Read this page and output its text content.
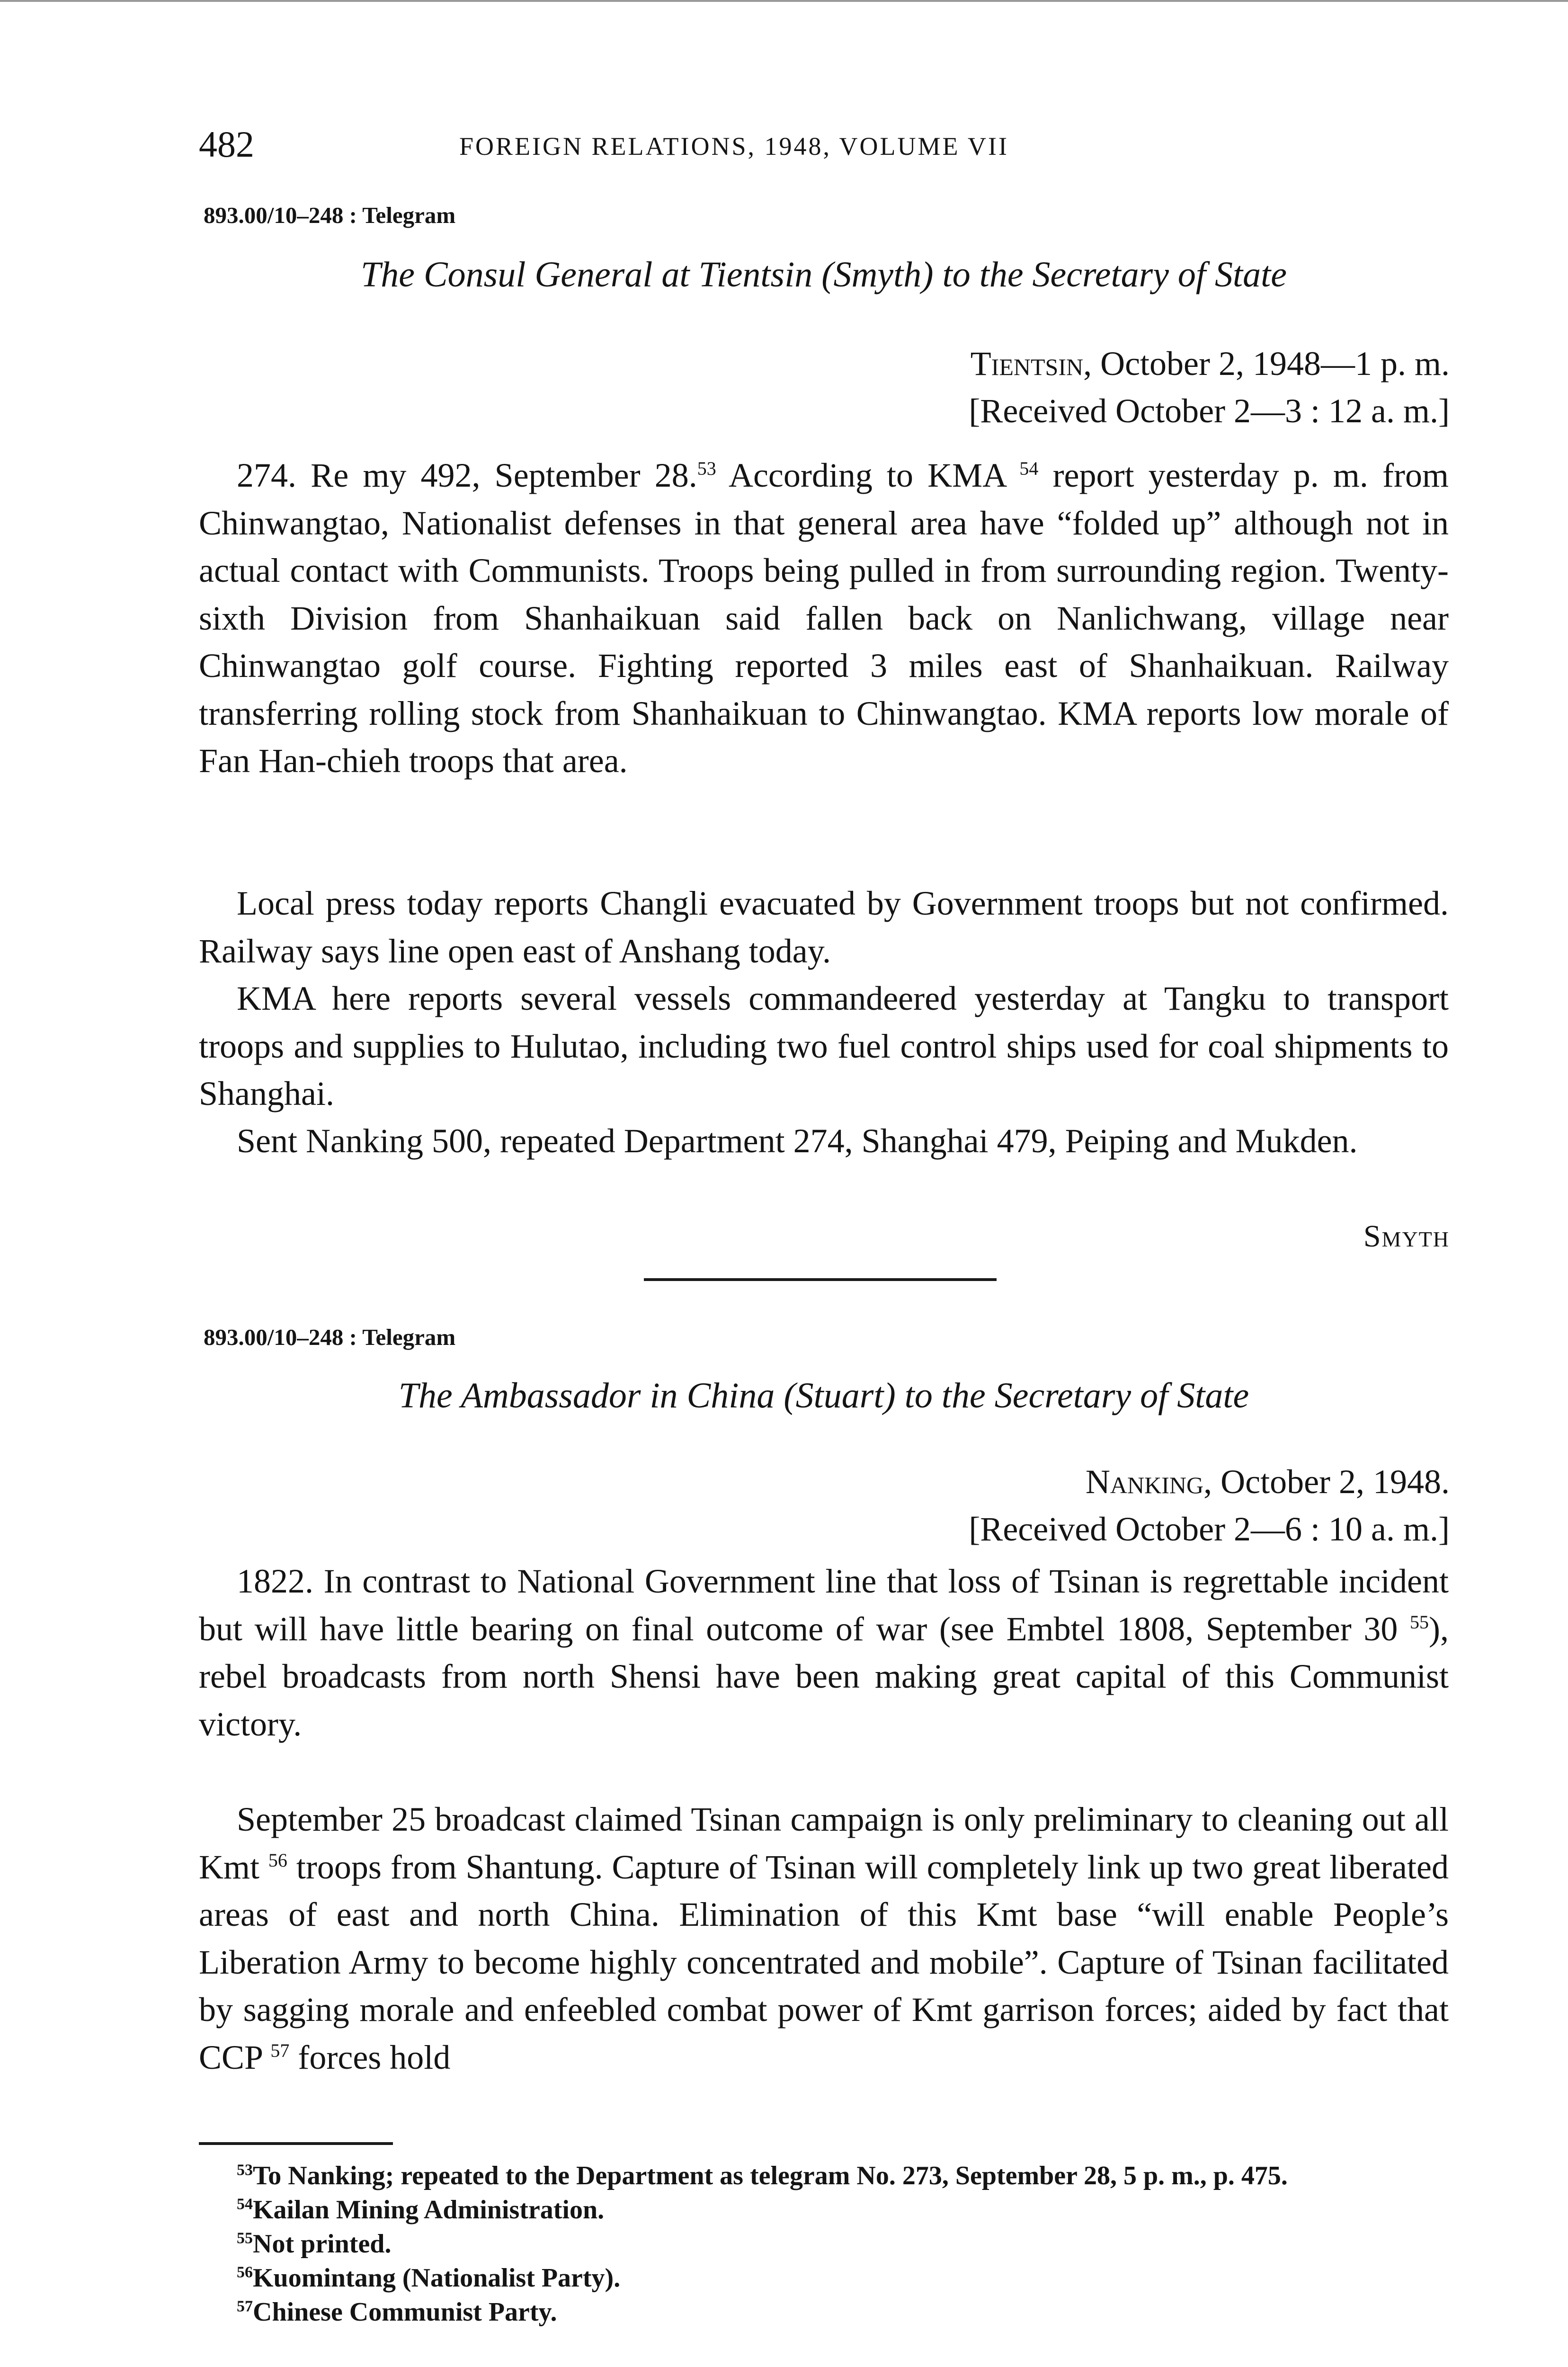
482	FOREIGN RELATIONS, 1948, VOLUME VII
893.00/10–248 : Telegram
The Consul General at Tientsin (Smyth) to the Secretary of State
Tientsin, October 2, 1948—1 p. m.
[Received October 2—3 : 12 a. m.]

274. Re my 492, September 28.53 According to KMA $^{54}$ report yesterday p. m. from Chinwangtao, Nationalist defenses in that general area have “folded up” although not in actual contact with Communists. Troops being pulled in from surrounding region. Twenty-sixth Division from Shanhaikuan said fallen back on Nanlichwang, village near Chinwangtao golf course. Fighting reported 3 miles east of Shanhaikuan. Railway transferring rolling stock from Shanhaikuan to Chinwangtao. KMA reports low morale of Fan Han-chieh troops that area.

Local press today reports Changli evacuated by Government troops but not confirmed. Railway says line open east of Anshang today.

KMA here reports several vessels commandeered yesterday at Tangku to transport troops and supplies to Hulutao, including two fuel control ships used for coal shipments to Shanghai.

Sent Nanking 500, repeated Department 274, Shanghai 479, Peiping and Mukden.

Smyth
893.00/10–248 : Telegram
The Ambassador in China (Stuart) to the Secretary of State
Nanking, October 2, 1948.
[Received October 2—6 : 10 a. m.]

1822. In contrast to National Government line that loss of Tsinan is regrettable incident but will have little bearing on final outcome of war (see Embtel 1808, September 30 $^{55}$), rebel broadcasts from north Shensi have been making great capital of this Communist victory.

September 25 broadcast claimed Tsinan campaign is only preliminary to cleaning out all Kmt $^{56}$ troops from Shantung. Capture of Tsinan will completely link up two great liberated areas of east and north China. Elimination of this Kmt base “will enable People’s Liberation Army to become highly concentrated and mobile”. Capture of Tsinan facilitated by sagging morale and enfeebled combat power of Kmt garrison forces; aided by fact that CCP $^{57}$ forces hold

$^{53}$To Nanking; repeated to the Department as telegram No. 273, September 28, 5 p. m., p. 475.

$^{54}$Kailan Mining Administration.

$^{55}$Not printed.

$^{56}$Kuomintang (Nationalist Party).

$^{57}$Chinese Communist Party.
